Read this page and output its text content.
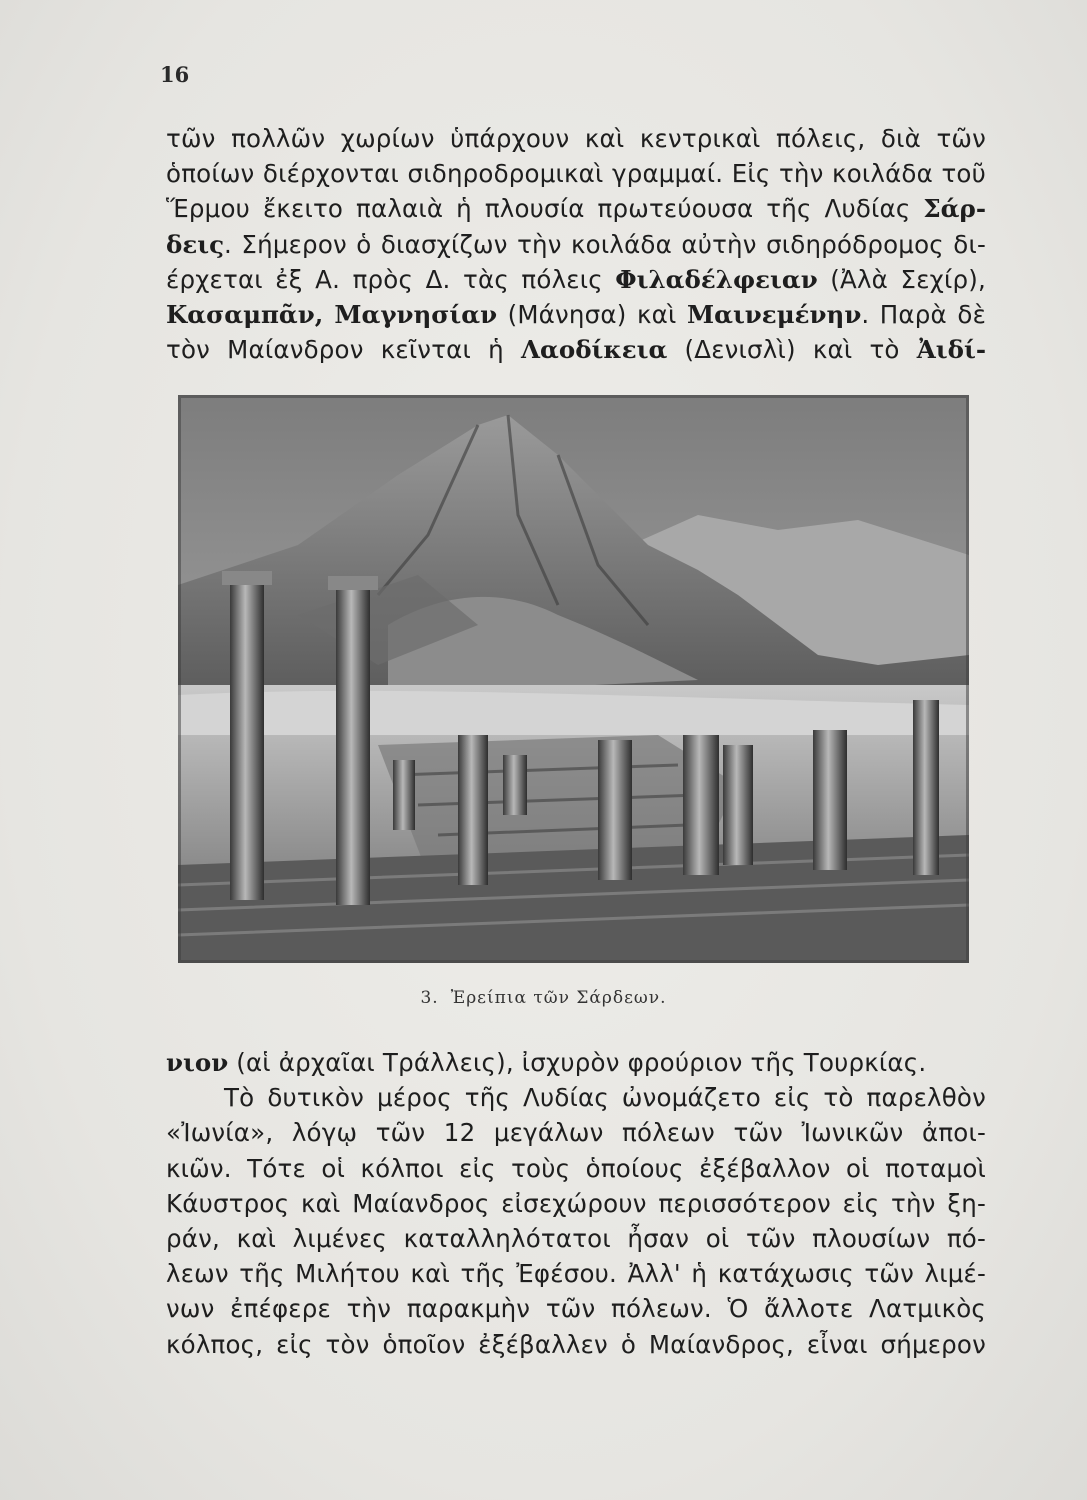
16
τῶν πολλῶν χωρίων ὑπάρχουν καὶ κεντρικαὶ πόλεις, διὰ τῶν
ὁποίων διέρχονται σιδηροδρομικαὶ γραμμαί. Εἰς τὴν κοιλάδα τοῦ
Ἕρμου ἔκειτο παλαιὰ ἡ πλουσία πρωτεύουσα τῆς Λυδίας Σάρ-
δεις. Σήμερον ὁ διασχίζων τὴν κοιλάδα αὐτὴν σιδηρόδρομος δι-
έρχεται ἐξ Α. πρὸς Δ. τὰς πόλεις Φιλαδέλφειαν (Ἀλὰ Σεχίρ),
Κασαμπᾶν, Μαγνησίαν (Μάνησα) καὶ Μαινεμένην. Παρὰ δὲ
τὸν Μαίανδρον κεῖνται ἡ Λαοδίκεια (Δενισλὶ) καὶ τὸ Ἀιδί-
3. Ἐρείπια τῶν Σάρδεων.
νιον (αἱ ἀρχαῖαι Τράλλεις), ἰσχυρὸν φρούριον τῆς Τουρκίας.
Τὸ δυτικὸν μέρος τῆς Λυδίας ὠνομάζετο εἰς τὸ παρελθὸν
«Ἰωνία», λόγῳ τῶν 12 μεγάλων πόλεων τῶν Ἰωνικῶν ἀποι-
κιῶν. Τότε οἱ κόλποι εἰς τοὺς ὁποίους ἐξέβαλλον οἱ ποταμοὶ
Κάυστρος καὶ Μαίανδρος εἰσεχώρουν περισσότερον εἰς τὴν ξη-
ράν, καὶ λιμένες καταλληλότατοι ἦσαν οἱ τῶν πλουσίων πό-
λεων τῆς Μιλήτου καὶ τῆς Ἐφέσου. Ἀλλ' ἡ κατάχωσις τῶν λιμέ-
νων ἐπέφερε τὴν παρακμὴν τῶν πόλεων. Ὁ ἄλλοτε Λατμικὸς
κόλπος, εἰς τὸν ὁποῖον ἐξέβαλλεν ὁ Μαίανδρος, εἶναι σήμερον
